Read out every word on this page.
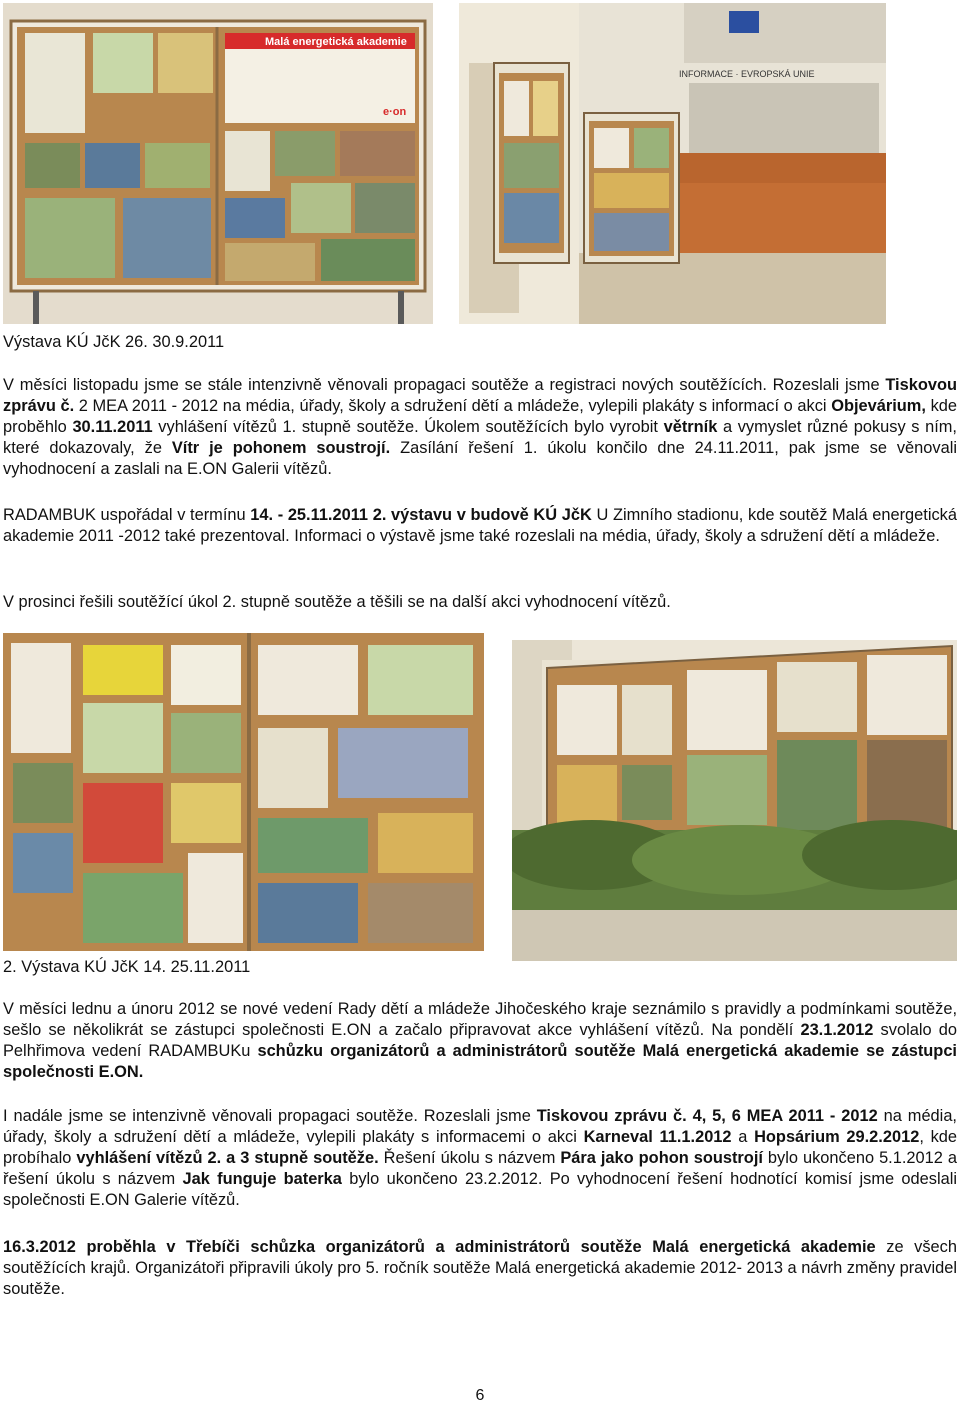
Malá energetická akademie
e·on
INFORMACE · EVROPSKÁ UNIE
Výstava KÚ JčK 26. 30.9.2011

V měsíci listopadu jsme se stále intenzivně věnovali propagaci soutěže a registraci nových soutěžících. Rozeslali jsme Tiskovou zprávu č. 2 MEA 2011 - 2012 na média, úřady, školy a sdružení dětí a mládeže, vylepili plakáty s informací o akci Objevárium, kde proběhlo 30.11.2011 vyhlášení vítězů 1. stupně soutěže. Úkolem soutěžících bylo vyrobit větrník a vymyslet různé pokusy s ním, které dokazovaly, že Vítr je pohonem soustrojí. Zasílání řešení 1. úkolu končilo dne 24.11.2011, pak jsme se věnovali vyhodnocení a zaslali na E.ON Galerii vítězů.

RADAMBUK uspořádal v termínu 14. - 25.11.2011 2. výstavu v budově KÚ JčK U Zimního stadionu, kde soutěž Malá energetická akademie 2011 -2012 také prezentoval. Informaci o výstavě jsme také rozeslali na média, úřady, školy a sdružení dětí a mládeže.

V prosinci řešili soutěžící úkol 2. stupně soutěže a těšili se na další akci vyhodnocení vítězů.
2. Výstava KÚ JčK 14. 25.11.2011

V měsíci lednu a únoru 2012 se nové vedení Rady dětí a mládeže Jihočeského kraje seznámilo s pravidly a podmínkami soutěže, sešlo se několikrát se zástupci společnosti E.ON a začalo připravovat akce vyhlášení vítězů. Na pondělí 23.1.2012 svolalo do Pelhřimova vedení RADAMBUKu schůzku organizátorů a administrátorů soutěže Malá energetická akademie se zástupci společnosti E.ON.

I nadále jsme se intenzivně věnovali propagaci soutěže. Rozeslali jsme Tiskovou zprávu č. 4, 5, 6 MEA 2011 - 2012 na média, úřady, školy a sdružení dětí a mládeže, vylepili plakáty s informacemi o akci Karneval 11.1.2012 a Hopsárium 29.2.2012, kde probíhalo vyhlášení vítězů 2. a 3 stupně soutěže. Řešení úkolu s názvem Pára jako pohon soustrojí bylo ukončeno 5.1.2012 a řešení úkolu s názvem Jak funguje baterka bylo ukončeno 23.2.2012. Po vyhodnocení řešení hodnotící komisí jsme odeslali společnosti E.ON Galerie vítězů.

16.3.2012 proběhla v Třebíči schůzka organizátorů a administrátorů soutěže Malá energetická akademie ze všech soutěžících krajů. Organizátoři připravili úkoly pro 5. ročník soutěže Malá energetická akademie 2012- 2013 a návrh změny pravidel soutěže.

6
